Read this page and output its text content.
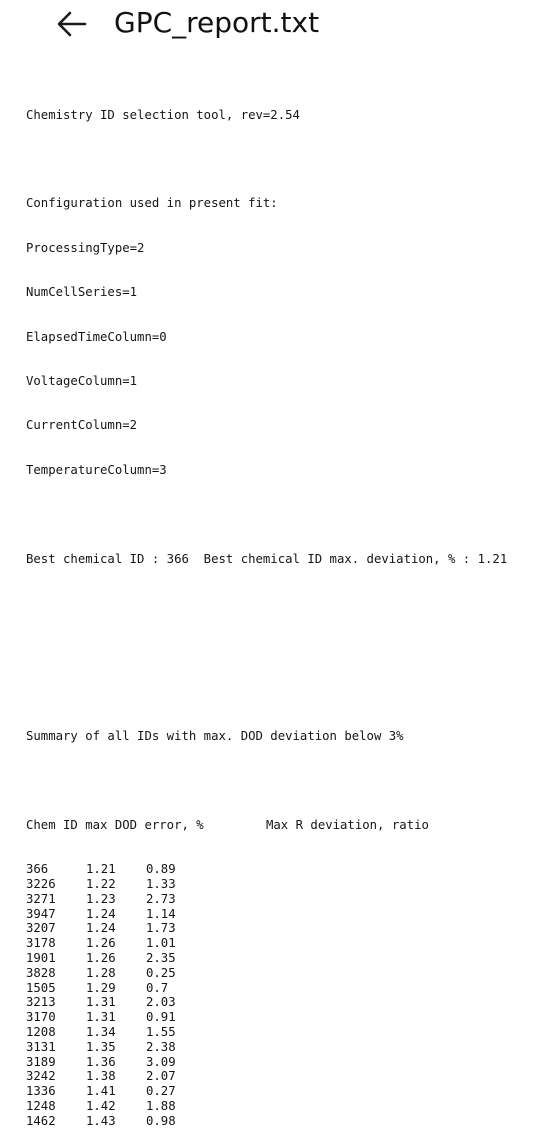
GPC_report.txt

Chemistry ID selection tool, rev=2.54

Configuration used in present fit:

ProcessingType=2

NumCellSeries=1

ElapsedTimeColumn=0

VoltageColumn=1

CurrentColumn=2

TemperatureColumn=3

Best chemical ID : 366  Best chemical ID max. deviation, % : 1.21

Summary of all IDs with max. DOD deviation below 3%

Chem ID max DOD error, %	Max R deviation, ratio

366	1.21 0.89
3226 1.22 1.33
3271 1.23 2.73
3947 1.24 1.14
3207 1.24 1.73
3178 1.26 1.01
1901 1.26 2.35
3828 1.28 0.25
1505 1.29 0.7
3213 1.31 2.03
3170 1.31 0.91
1208 1.34 1.55
3131 1.35 2.38
3189 1.36 3.09
3242 1.38 2.07
1336 1.41 0.27
1248 1.42 1.88
1462 1.43 0.98
